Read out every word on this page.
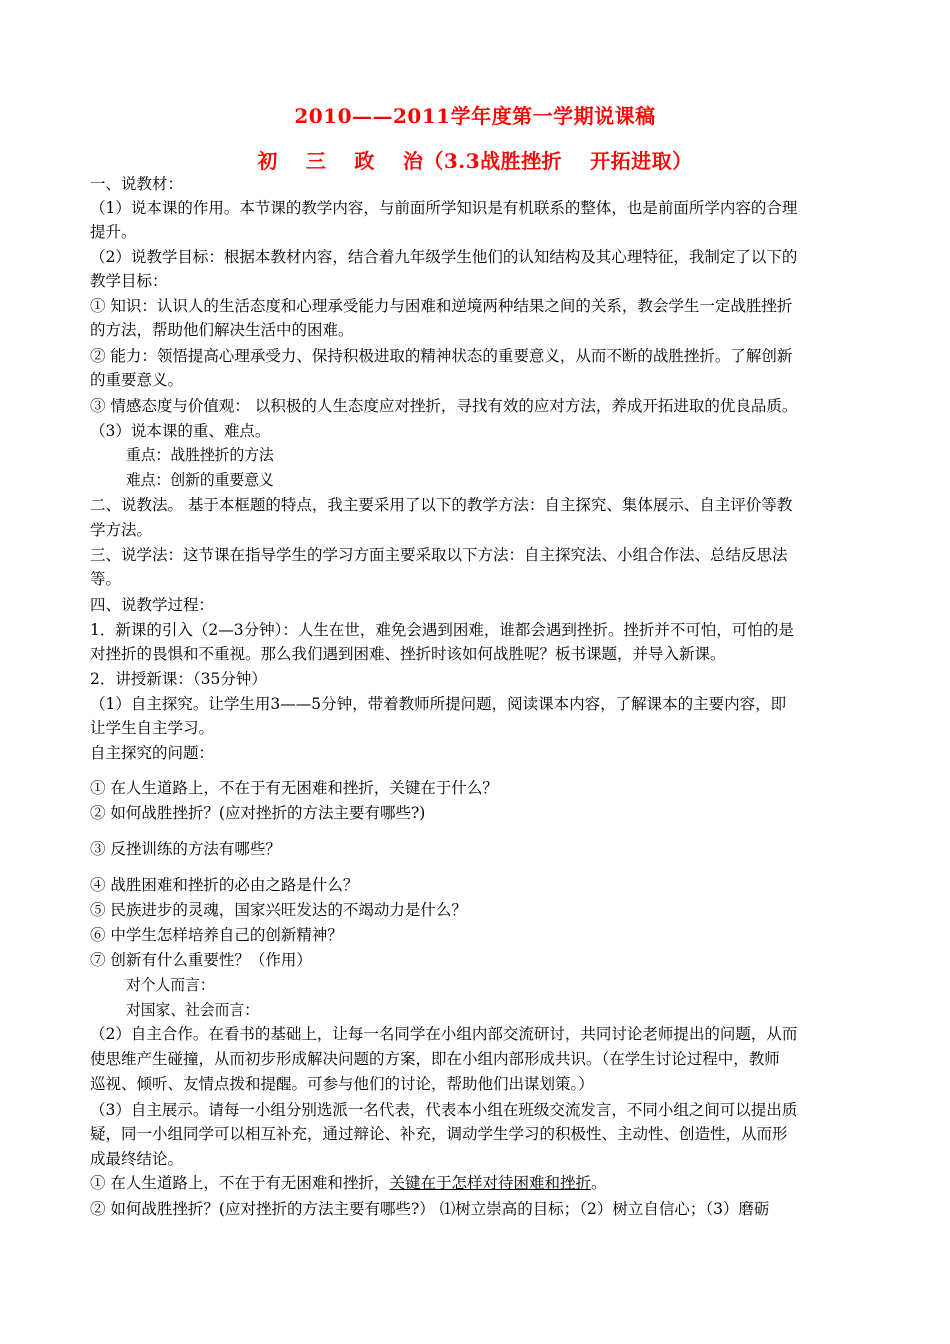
2010——2011学年度第一学期说课稿
初 三 政 治（3.3战胜挫折 开拓进取）
一、说教材：
（1）说本课的作用。本节课的教学内容，与前面所学知识是有机联系的整体，也是前面所学内容的合理
提升。
（2）说教学目标：根据本教材内容，结合着九年级学生他们的认知结构及其心理特征，我制定了以下的
教学目标：
① 知识：认识人的生活态度和心理承受能力与困难和逆境两种结果之间的关系，教会学生一定战胜挫折
的方法，帮助他们解决生活中的困难。
② 能力：领悟提高心理承受力、保持积极进取的精神状态的重要意义，从而不断的战胜挫折。了解创新
的重要意义。
③ 情感态度与价值观： 以积极的人生态度应对挫折，寻找有效的应对方法，养成开拓进取的优良品质。
（3）说本课的重、难点。
重点：战胜挫折的方法
难点：创新的重要意义
二、说教法。 基于本框题的特点，我主要采用了以下的教学方法：自主探究、集体展示、自主评价等教
学方法。
三、说学法：这节课在指导学生的学习方面主要采取以下方法：自主探究法、小组合作法、总结反思法
等。
四、说教学过程：
1．新课的引入（2—3分钟）：人生在世，难免会遇到困难，谁都会遇到挫折。挫折并不可怕，可怕的是
对挫折的畏惧和不重视。那么我们遇到困难、挫折时该如何战胜呢？板书课题，并导入新课。
2．讲授新课：（35分钟）
（1）自主探究。让学生用3——5分钟，带着教师所提问题，阅读课本内容，了解课本的主要内容，即
让学生自主学习。
自主探究的问题：
① 在人生道路上，不在于有无困难和挫折，关键在于什么？
② 如何战胜挫折？(应对挫折的方法主要有哪些?)
③ 反挫训练的方法有哪些？
④ 战胜困难和挫折的必由之路是什么？
⑤ 民族进步的灵魂，国家兴旺发达的不竭动力是什么？
⑥ 中学生怎样培养自己的创新精神？
⑦ 创新有什么重要性？（作用）
对个人而言：
对国家、社会而言：
（2）自主合作。在看书的基础上，让每一名同学在小组内部交流研讨，共同讨论老师提出的问题，从而
使思维产生碰撞，从而初步形成解决问题的方案，即在小组内部形成共识。（在学生讨论过程中，教师
巡视、倾听、友情点拨和提醒。可参与他们的讨论，帮助他们出谋划策。）
（3）自主展示。请每一小组分别选派一名代表，代表本小组在班级交流发言，不同小组之间可以提出质
疑，同一小组同学可以相互补充，通过辩论、补充，调动学生学习的积极性、主动性、创造性，从而形
成最终结论。
① 在人生道路上，不在于有无困难和挫折，关键在于怎样对待困难和挫折。
② 如何战胜挫折？(应对挫折的方法主要有哪些?） ⑴树立崇高的目标；（2）树立自信心；（3）磨砺
